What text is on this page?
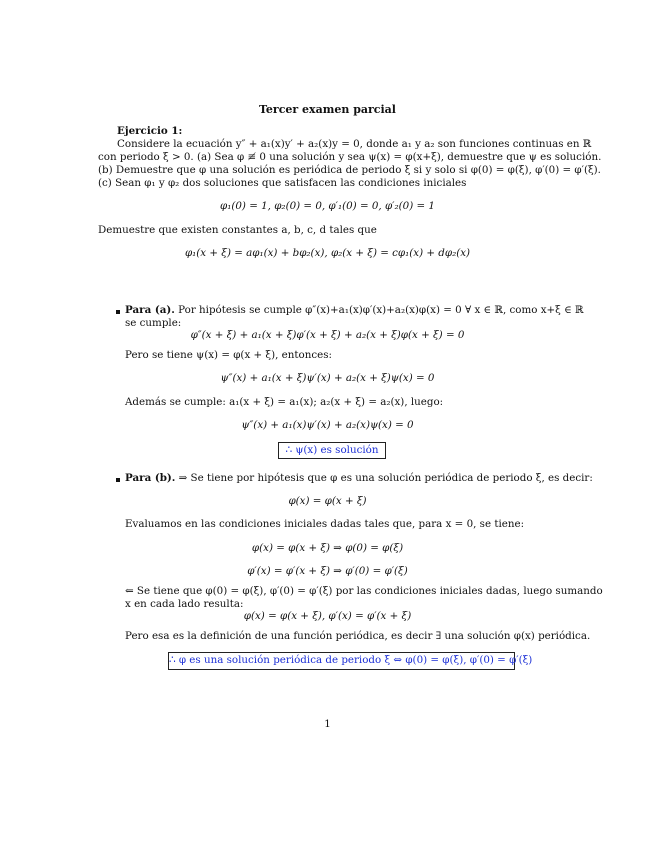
Tercer examen parcial
Ejercicio 1:
Considere la ecuación y″ + a₁(x)y′ + a₂(x)y = 0, donde a₁ y a₂ son funciones continuas en ℝ
con periodo ξ > 0. (a) Sea φ ≢ 0 una solución y sea ψ(x) = φ(x+ξ), demuestre que ψ es solución.
(b) Demuestre que φ una solución es periódica de periodo ξ si y solo si φ(0) = φ(ξ), φ′(0) = φ′(ξ).
(c) Sean φ₁ y φ₂ dos soluciones que satisfacen las condiciones iniciales
φ₁(0) = 1, φ₂(0) = 0, φ′₁(0) = 0, φ′₂(0) = 1
Demuestre que existen constantes a, b, c, d tales que
φ₁(x + ξ) = aφ₁(x) + bφ₂(x), φ₂(x + ξ) = cφ₁(x) + dφ₂(x)
Para (a). Por hipótesis se cumple φ″(x)+a₁(x)φ′(x)+a₂(x)φ(x) = 0 ∀ x ∈ ℝ, como x+ξ ∈ ℝ
se cumple:
φ″(x + ξ) + a₁(x + ξ)φ′(x + ξ) + a₂(x + ξ)φ(x + ξ) = 0
Pero se tiene ψ(x) = φ(x + ξ), entonces:
ψ″(x) + a₁(x + ξ)ψ′(x) + a₂(x + ξ)ψ(x) = 0
Además se cumple: a₁(x + ξ) = a₁(x); a₂(x + ξ) = a₂(x), luego:
ψ″(x) + a₁(x)ψ′(x) + a₂(x)ψ(x) = 0
∴ ψ(x) es solución
Para (b). ⇒ Se tiene por hipótesis que φ es una solución periódica de periodo ξ, es decir:
φ(x) = φ(x + ξ)
Evaluamos en las condiciones iniciales dadas tales que, para x = 0, se tiene:
φ(x) = φ(x + ξ) ⇒ φ(0) = φ(ξ)
φ′(x) = φ′(x + ξ) ⇒ φ′(0) = φ′(ξ)
⇐ Se tiene que φ(0) = φ(ξ), φ′(0) = φ′(ξ) por las condiciones iniciales dadas, luego sumando
x en cada lado resulta:
φ(x) = φ(x + ξ), φ′(x) = φ′(x + ξ)
Pero esa es la definición de una función periódica, es decir ∃ una solución φ(x) periódica.
∴ φ es una solución periódica de periodo ξ ⇔ φ(0) = φ(ξ), φ′(0) = φ′(ξ)
1
